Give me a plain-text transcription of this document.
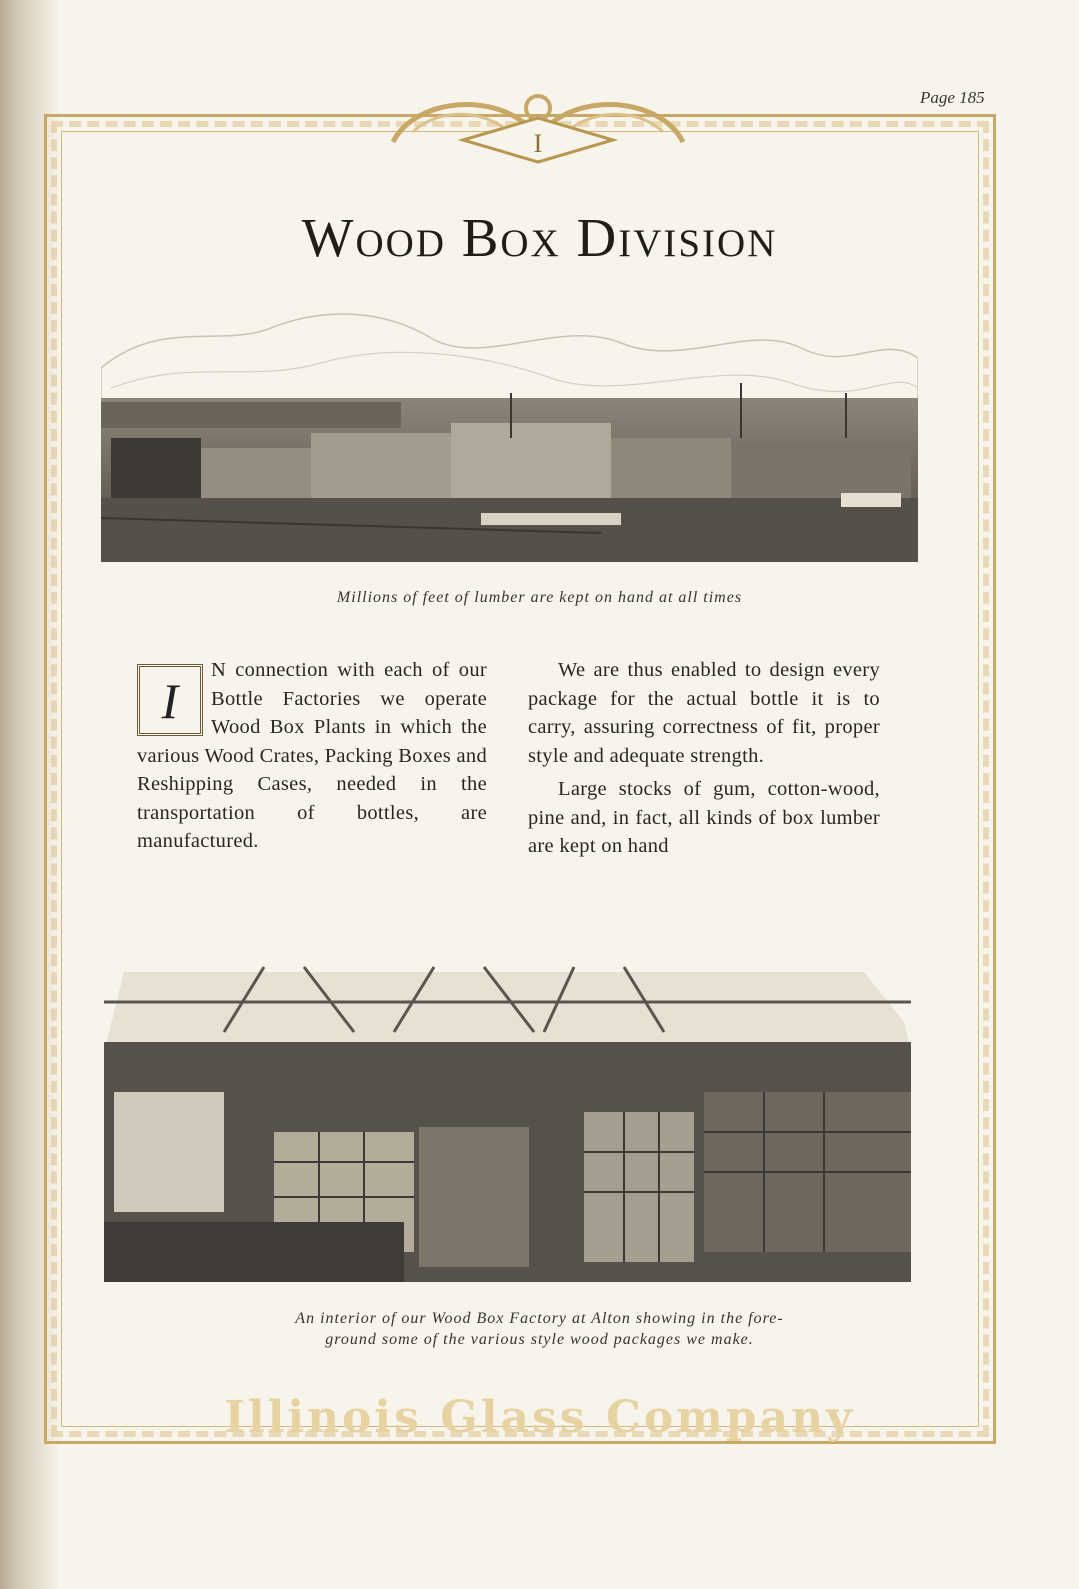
Page 185
I
Wood Box Division
Millions of feet of lumber are kept on hand at all times
I
N connection with each of our Bottle Factories we operate Wood Box Plants in which the various Wood Crates, Packing Boxes and Reshipping Cases, needed in the transportation of bottles, are manufactured.

We are thus enabled to design every package for the actual bottle it is to carry, assuring correctness of fit, proper style and adequate strength.

Large stocks of gum, cotton-wood, pine and, in fact, all kinds of box lumber are kept on hand

An interior of our Wood Box Factory at Alton showing in the fore-
ground some of the various style wood packages we make.
Illinois Glass Company
